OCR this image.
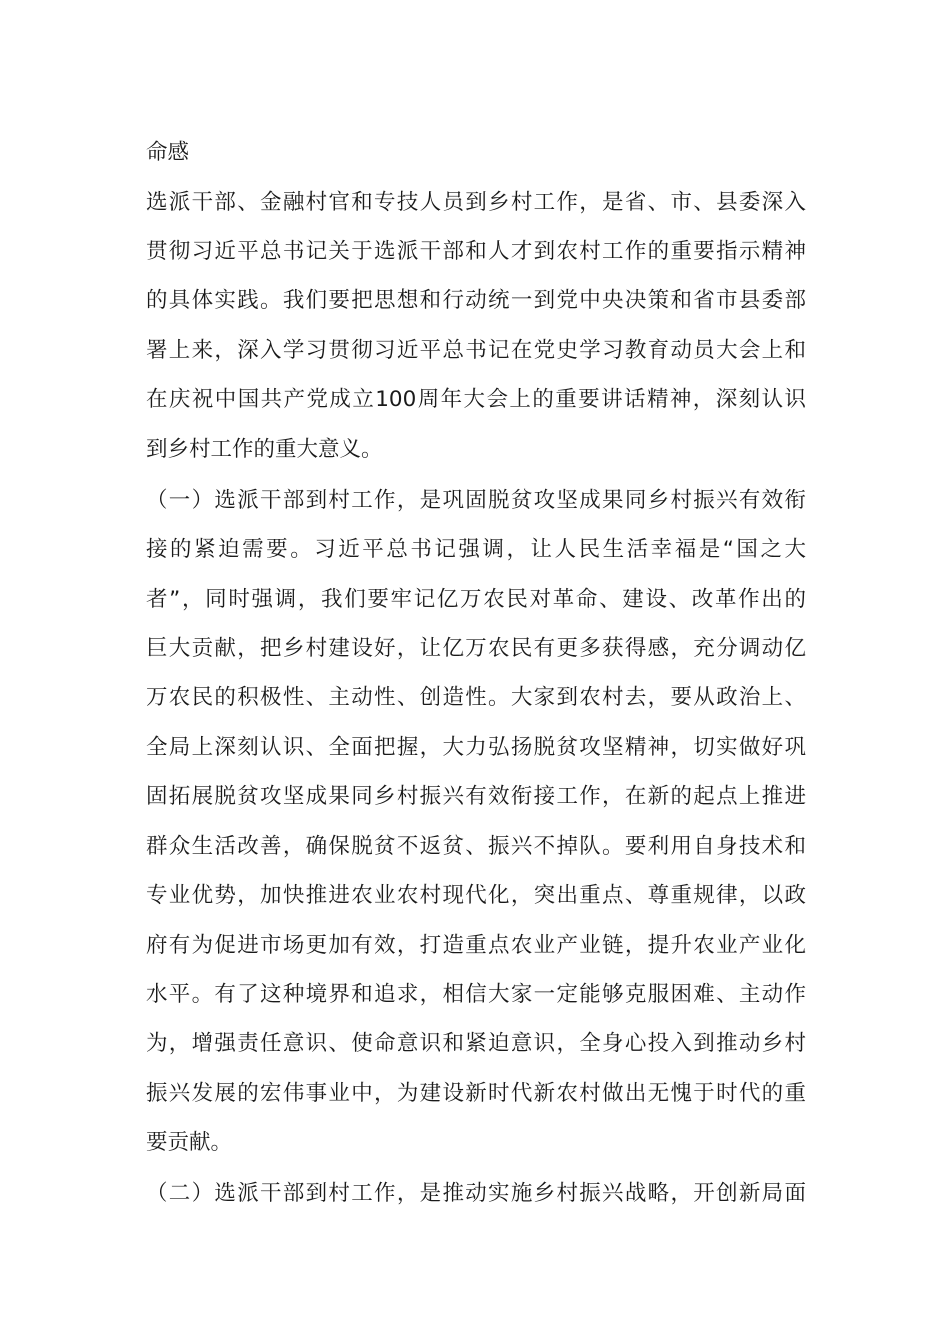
命感
选派干部、金融村官和专技人员到乡村工作，是省、市、县委深入
贯彻习近平总书记关于选派干部和人才到农村工作的重要指示精神
的具体实践。我们要把思想和行动统一到党中央决策和省市县委部
署上来，深入学习贯彻习近平总书记在党史学习教育动员大会上和
在庆祝中国共产党成立100周年大会上的重要讲话精神，深刻认识
到乡村工作的重大意义。
（一）选派干部到村工作，是巩固脱贫攻坚成果同乡村振兴有效衔
接的紧迫需要。习近平总书记强调，让人民生活幸福是“国之大
者”，同时强调，我们要牢记亿万农民对革命、建设、改革作出的
巨大贡献，把乡村建设好，让亿万农民有更多获得感，充分调动亿
万农民的积极性、主动性、创造性。大家到农村去，要从政治上、
全局上深刻认识、全面把握，大力弘扬脱贫攻坚精神，切实做好巩
固拓展脱贫攻坚成果同乡村振兴有效衔接工作，在新的起点上推进
群众生活改善，确保脱贫不返贫、振兴不掉队。要利用自身技术和
专业优势，加快推进农业农村现代化，突出重点、尊重规律，以政
府有为促进市场更加有效，打造重点农业产业链，提升农业产业化
水平。有了这种境界和追求，相信大家一定能够克服困难、主动作
为，增强责任意识、使命意识和紧迫意识，全身心投入到推动乡村
振兴发展的宏伟事业中，为建设新时代新农村做出无愧于时代的重
要贡献。
（二）选派干部到村工作，是推动实施乡村振兴战略，开创新局面
